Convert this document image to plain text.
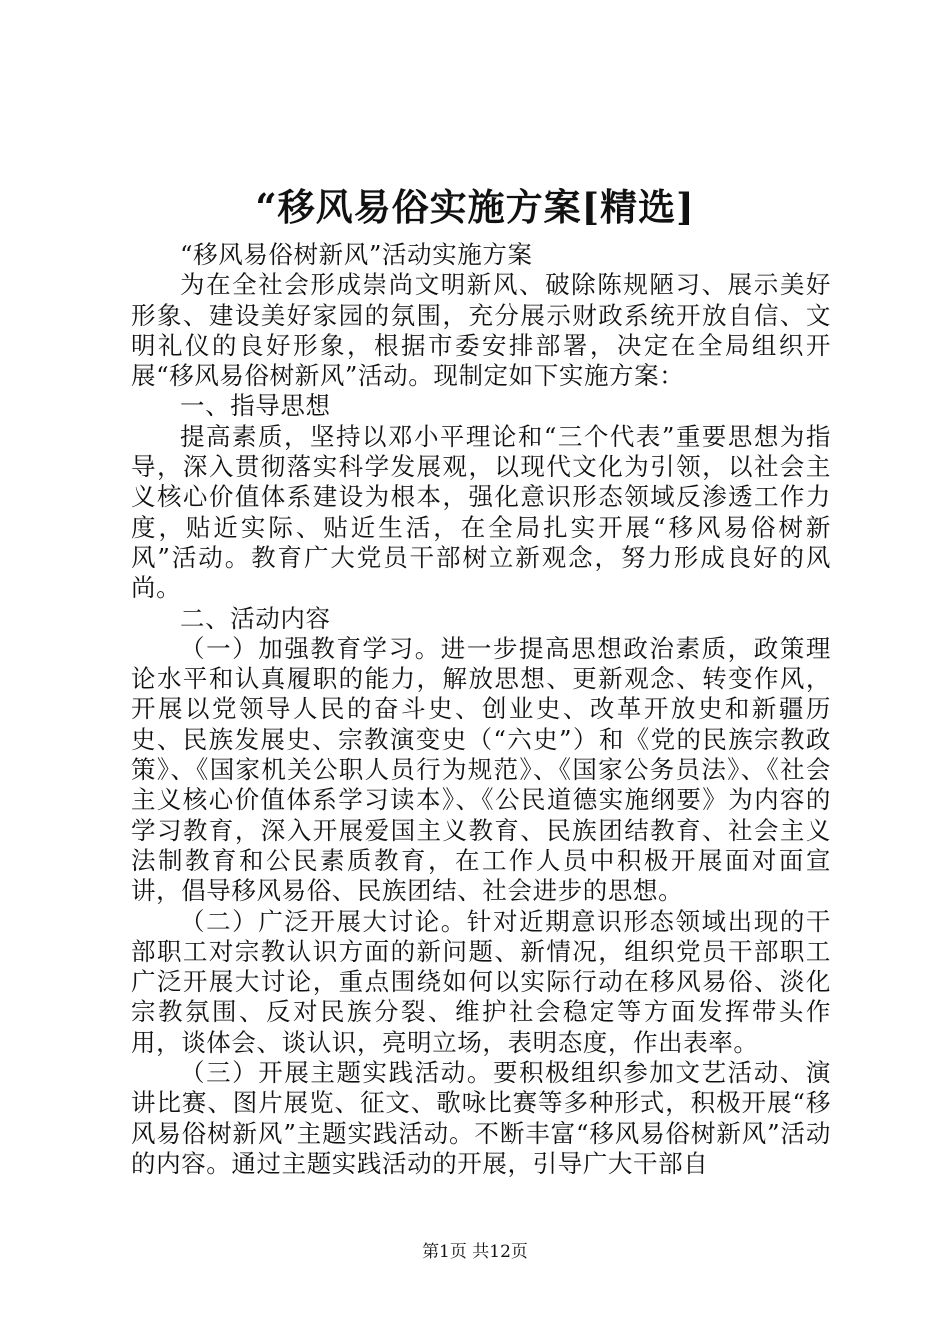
“移风易俗实施方案[精选]

“移风易俗树新风”活动实施方案

为在全社会形成崇尚文明新风、破除陈规陋习、展示美好形象、建设美好家园的氛围，充分展示财政系统开放自信、文明礼仪的良好形象，根据市委安排部署，决定在全局组织开展“移风易俗树新风”活动。现制定如下实施方案：

一、指导思想

提高素质，坚持以邓小平理论和“三个代表”重要思想为指导，深入贯彻落实科学发展观，以现代文化为引领，以社会主义核心价值体系建设为根本，强化意识形态领域反渗透工作力度，贴近实际、贴近生活，在全局扎实开展“移风易俗树新风”活动。教育广大党员干部树立新观念，努力形成良好的风尚。

二、活动内容

（一）加强教育学习。进一步提高思想政治素质，政策理论水平和认真履职的能力，解放思想、更新观念、转变作风，开展以党领导人民的奋斗史、创业史、改革开放史和新疆历史、民族发展史、宗教演变史（“六史”）和《党的民族宗教政策》、《国家机关公职人员行为规范》、《国家公务员法》、《社会主义核心价值体系学习读本》、《公民道德实施纲要》为内容的学习教育，深入开展爱国主义教育、民族团结教育、社会主义法制教育和公民素质教育，在工作人员中积极开展面对面宣讲，倡导移风易俗、民族团结、社会进步的思想。

（二）广泛开展大讨论。针对近期意识形态领域出现的干部职工对宗教认识方面的新问题、新情况，组织党员干部职工广泛开展大讨论，重点围绕如何以实际行动在移风易俗、淡化宗教氛围、反对民族分裂、维护社会稳定等方面发挥带头作用，谈体会、谈认识，亮明立场，表明态度，作出表率。

（三）开展主题实践活动。要积极组织参加文艺活动、演讲比赛、图片展览、征文、歌咏比赛等多种形式，积极开展“移风易俗树新风”主题实践活动。不断丰富“移风易俗树新风”活动的内容。通过主题实践活动的开展，引导广大干部自

第1页 共12页
